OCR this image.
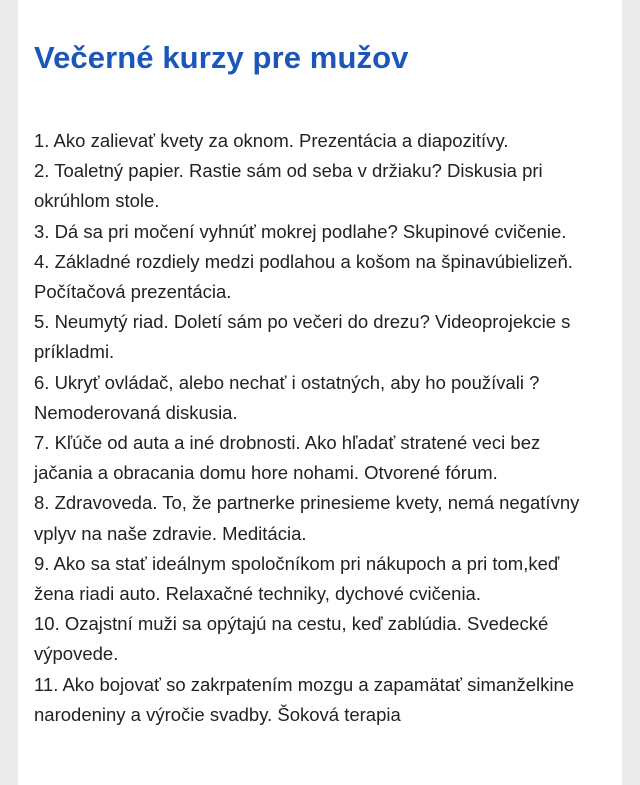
Večerné kurzy pre mužov
1. Ako zalievať kvety za oknom. Prezentácia a diapozitívy.
2. Toaletný papier. Rastie sám od seba v držiaku? Diskusia pri okrúhlom stole.
3. Dá sa pri močení vyhnúť mokrej podlahe? Skupinové cvičenie.
4. Základné rozdiely medzi podlahou a košom na špinavúbielizeň. Počítačová prezentácia.
5. Neumytý riad. Doletí sám po večeri do drezu? Videoprojekcie s príkladmi.
6. Ukryť ovládač, alebo nechať i ostatných, aby ho používali ? Nemoderovaná diskusia.
7. Kľúče od auta a iné drobnosti. Ako hľadať stratené veci bez jačania a obracania domu hore nohami. Otvorené fórum.
8. Zdravoveda. To, že partnerke prinesieme kvety, nemá negatívny vplyv na naše zdravie. Meditácia.
9. Ako sa stať ideálnym spoločníkom pri nákupoch a pri tom,keď žena riadi auto. Relaxačné techniky, dychové cvičenia.
10. Ozajstní muži sa opýtajú na cestu, keď zablúdia. Svedecké výpovede.
11. Ako bojovať so zakrpatením mozgu a zapamätať simanželkine narodeniny a výročie svadby. Šoková terapia
